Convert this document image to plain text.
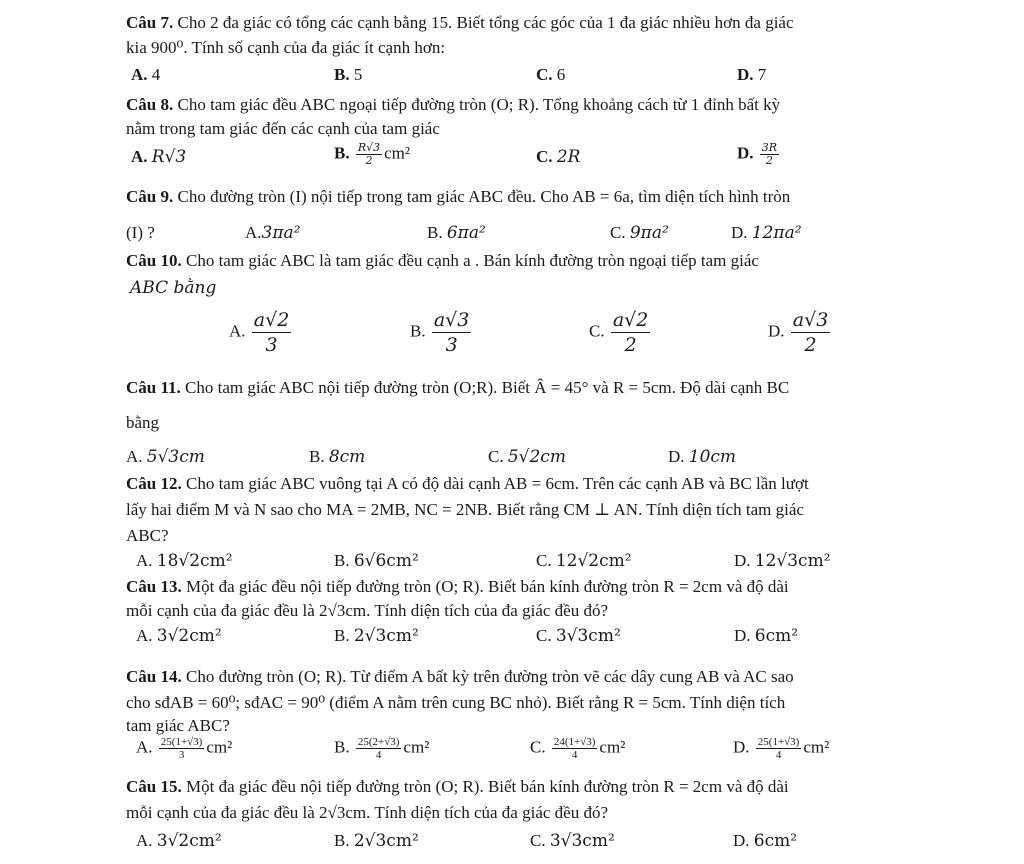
Câu 7. Cho 2 đa giác có tổng các cạnh bằng 15. Biết tổng các góc của 1 đa giác nhiều hơn đa giác
kia 900⁰. Tính số cạnh của đa giác ít cạnh hơn:
A. 4	B. 5	C. 6	D. 7
Câu 8. Cho tam giác đều ABC ngoại tiếp đường tròn (O; R). Tổng khoảng cách từ 1 đỉnh bất kỳ
nằm trong tam giác đến các cạnh của tam giác
A. R√3	B. $\frac{R√3}{2} cm^2$	C. 2R	D. $\frac{3R}{2}$
Câu 9. Cho đường tròn (I) nội tiếp trong tam giác ABC đều. Cho AB = 6a, tìm diện tích hình tròn
(I) ?	A.3πa²	B. 6πa²	C. 9πa²	D. 12πa²
Câu 10. Cho tam giác ABC là tam giác đều cạnh a . Bán kính đường tròn ngoại tiếp tam giác
ABC bằng
A. $\frac{a√2}{3}$	B. $\frac{a√3}{3}$	C. $\frac{a√2}{2}$	D. $\frac{a√3}{2}$
Câu 11. Cho tam giác ABC nội tiếp đường tròn (O;R). Biết Â = 45° và R = 5cm. Độ dài cạnh BC
bằng
A. 5√3cm	B. 8cm	C. 5√2cm	D. 10cm
Câu 12. Cho tam giác ABC vuông tại A có độ dài cạnh AB = 6cm. Trên các cạnh AB và BC lần lượt
lấy hai điểm M và N sao cho MA = 2MB, NC = 2NB. Biết rằng CM ⊥ AN. Tính diện tích tam giác
ABC?
A. 18√2cm²	B. 6√6cm²	C. 12√2cm²	D. 12√3cm²
Câu 13. Một đa giác đều nội tiếp đường tròn (O; R). Biết bán kính đường tròn R = 2cm và độ dài
mỗi cạnh của đa giác đều là 2√3cm. Tính diện tích của đa giác đều đó?
A. 3√2cm²	B. 2√3cm²	C. 3√3cm²	D. 6cm²
Câu 14. Cho đường tròn (O; R). Từ điểm A bất kỳ trên đường tròn vẽ các dây cung AB và AC sao
cho sđAB = 60⁰; sđAC = 90⁰ (điểm A nằm trên cung BC nhỏ). Biết rằng R = 5cm. Tính diện tích
tam giác ABC?
A. $\frac{25(1+√3)}{3} cm^2$	B. $\frac{25(2+√3)}{4} cm^2$	C. $\frac{24(1+√3)}{4} cm^2$	D. $\frac{25(1+√3)}{4} cm^2$
Câu 15. Một đa giác đều nội tiếp đường tròn (O; R). Biết bán kính đường tròn R = 2cm và độ dài
mỗi cạnh của đa giác đều là 2√3cm. Tính diện tích của đa giác đều đó?
A. 3√2cm²	B. 2√3cm²	C. 3√3cm²	D. 6cm²
